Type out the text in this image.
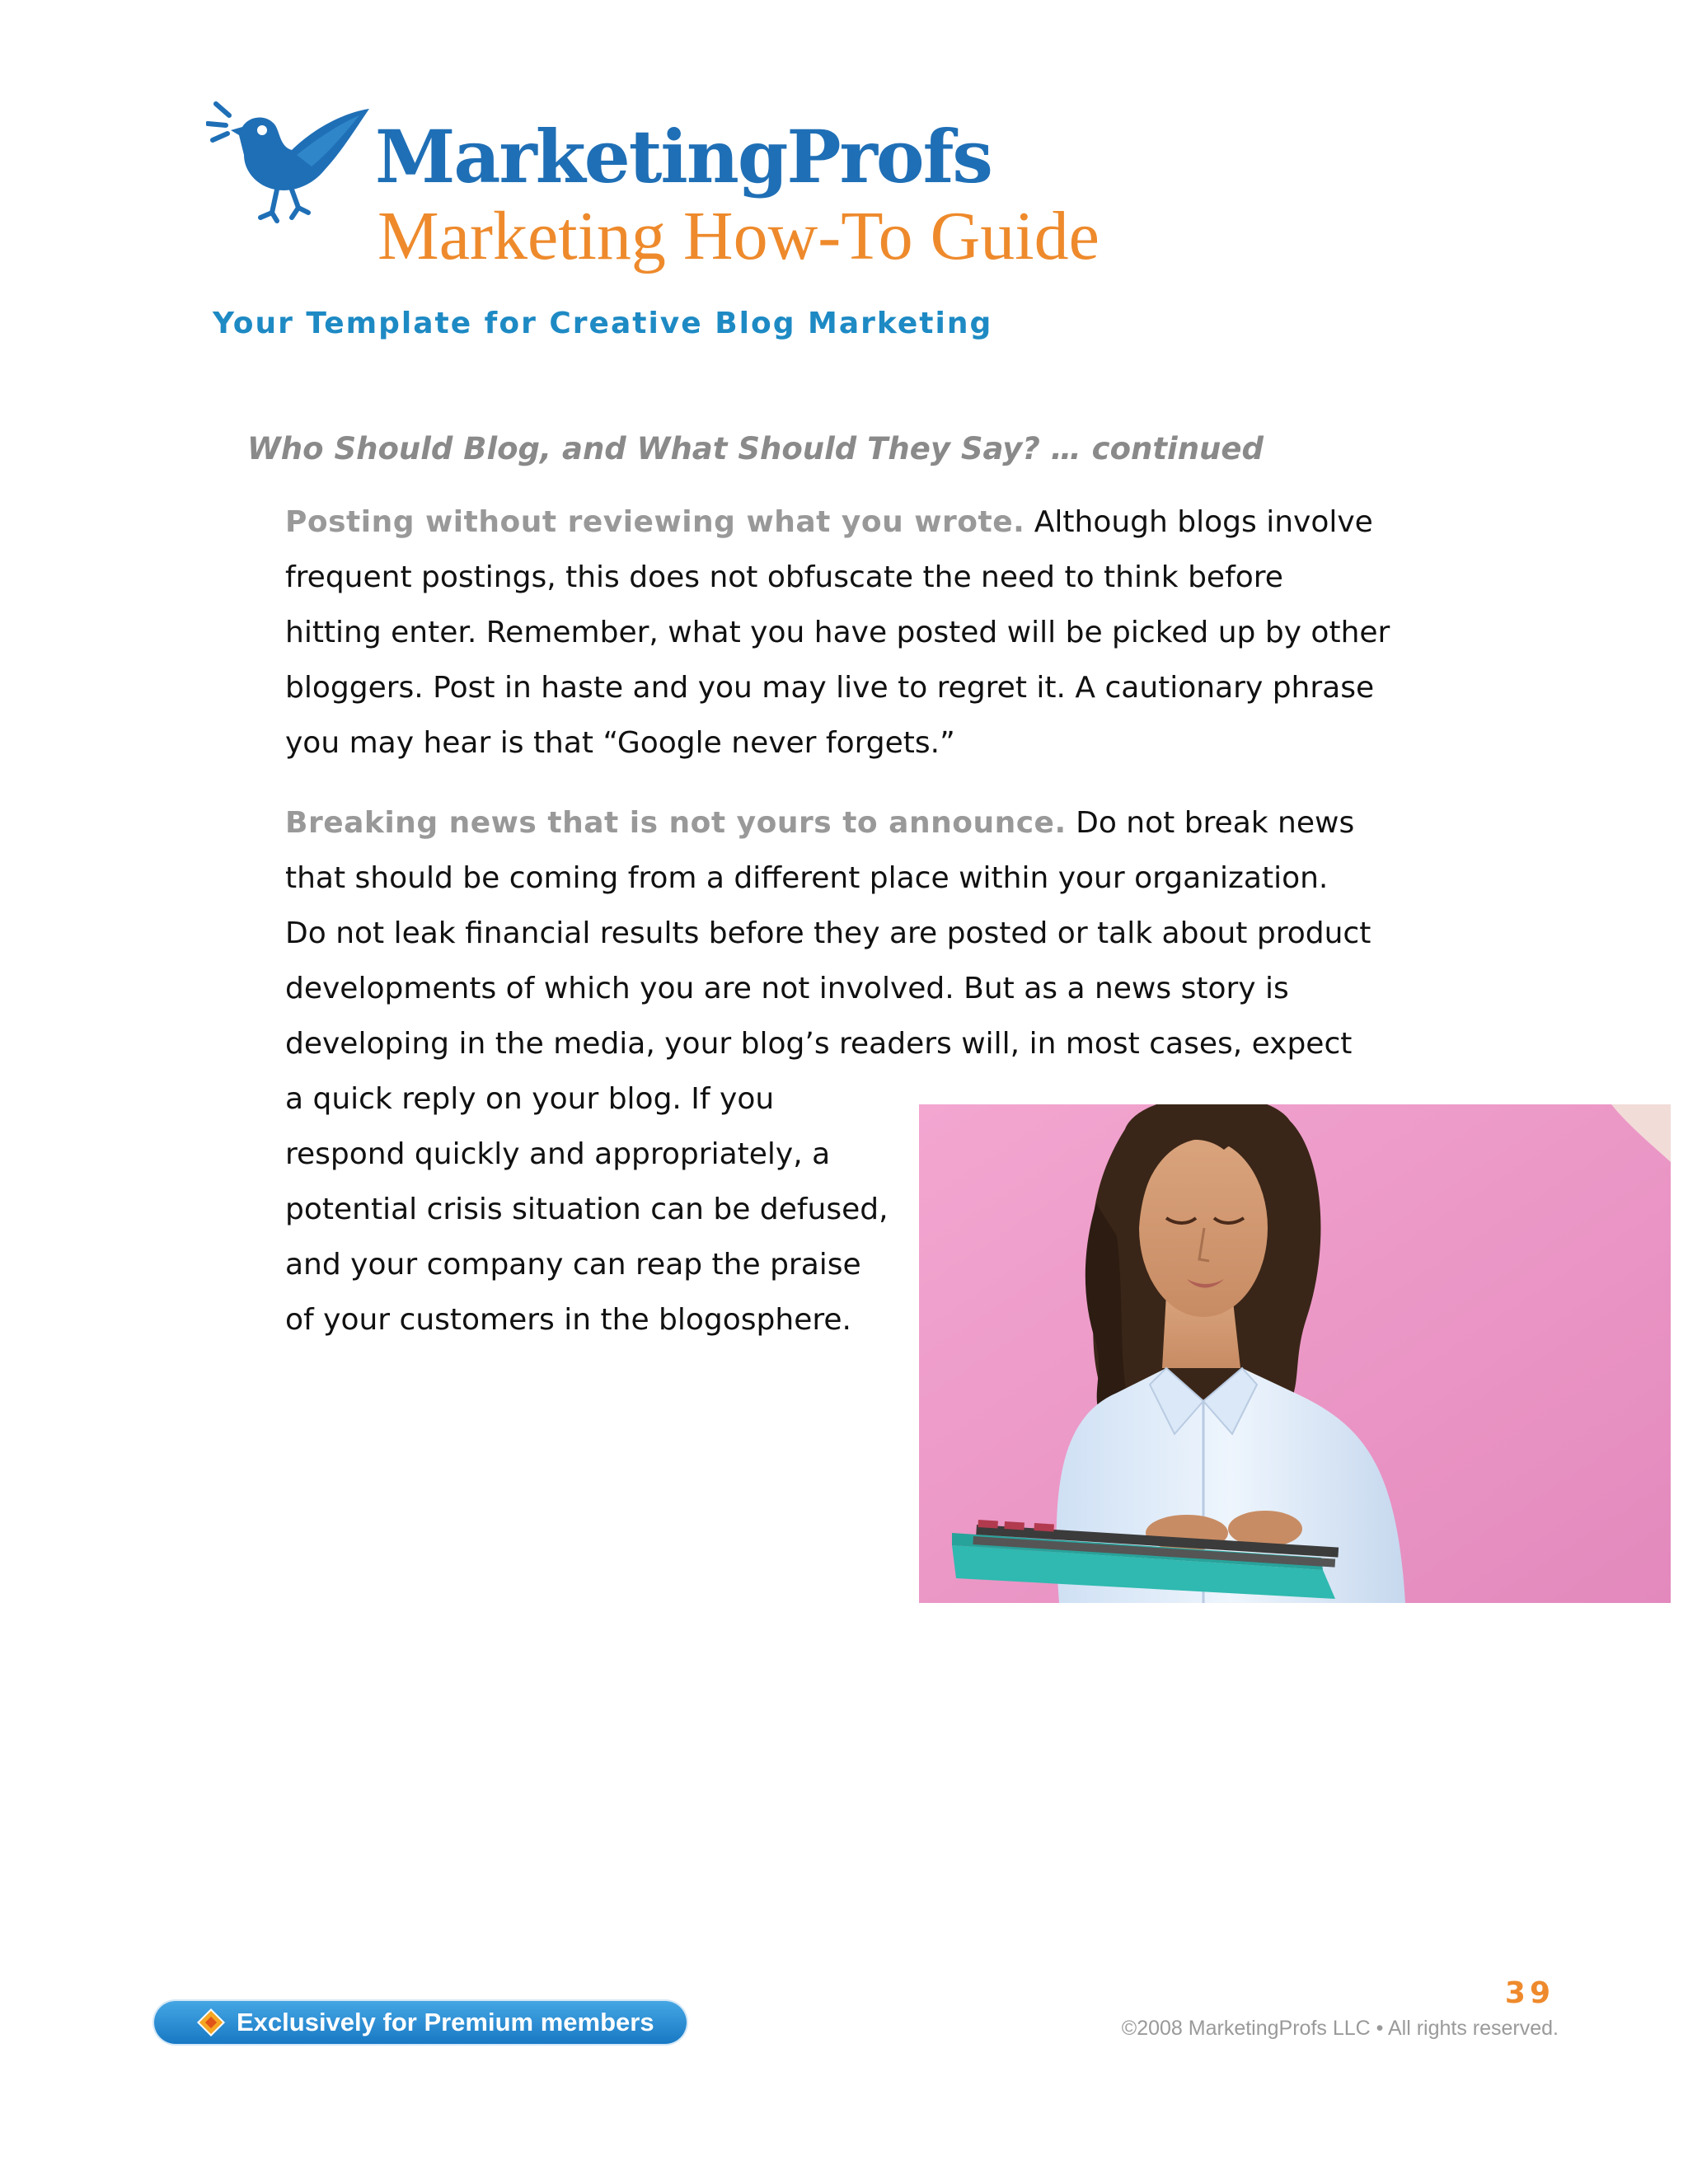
MarketingProfs
Marketing How-To Guide
Your Template for Creative Blog Marketing
Who Should Blog, and What Should They Say? … continued
Posting without reviewing what you wrote. Although blogs involve
frequent postings, this does not obfuscate the need to think before
hitting enter. Remember, what you have posted will be picked up by other
bloggers. Post in haste and you may live to regret it. A cautionary phrase
you may hear is that “Google never forgets.”
Breaking news that is not yours to announce. Do not break news
that should be coming from a different place within your organization.
Do not leak financial results before they are posted or talk about product
developments of which you are not involved. But as a news story is
developing in the media, your blog’s readers will, in most cases, expect
a quick reply on your blog. If you
respond quickly and appropriately, a
potential crisis situation can be defused,
and your company can reap the praise
of your customers in the blogosphere.
Exclusively for Premium members
39
©2008 MarketingProfs LLC • All rights reserved.
